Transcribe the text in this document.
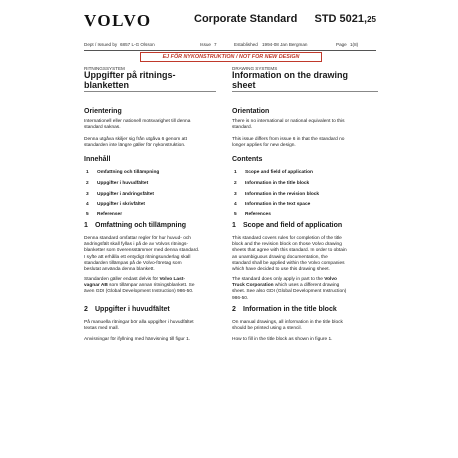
VOLVO	Corporate Standard STD 5021,25
Dept / Issued by 6857 L-G Olsson	Issue 7	Established 1994-08 Jan Bergman	Page 1(8)
EJ FÖR NYKONSTRUKTION / NOT FOR NEW DESIGN
RITNINGSSYSTEM
Uppgifter på ritnings-
blanketten
Orientering
Internationell eller nationell motsvarighet till denna
standard saknas.
Denna utgåva skiljer sig från utgåva 6 genom att
standarden inte längre gäller för nykonstruktion.
Innehåll
1 Omfattning och tillämpning
2 Uppgifter i huvudfältet
3 Uppgifter i ändringsfältet
4 Uppgifter i skrivfältet
5 Referenser
1 Omfattning och tillämpning
Denna standard omfattar regler för hur huvud- och
ändringsfält skall fyllas i på de av Volvos ritnings-
blanketter som överensstämmer med denna standard.
I syfte att erhålla ett entydigt ritningsunderlag skall
standarden tillämpas på de Volvo-företag som
beslutat använda denna blankett.
Standarden gäller endast delvis för Volvo Last-
vagnar AB som tillämpar annan ritningsblankett. Se
även GDI (Global Development Instruction) 986-50.
2 Uppgifter i huvudfältet
På manuella ritningar bör alla uppgifter i huvudfältet
textas med mall.
Anvisningar för ifyllning med hänvisning till figur 1.
DRAWING SYSTEMS
Information on the drawing
sheet
Orientation
There is no international or national equivalent to this
standard.
This issue differs from issue 6 in that the standard no
longer applies for new design.
Contents
1 Scope and field of application
2 Information in the title block
3 Information in the revision block
4 Information in the text space
5 References
1 Scope and field of application
This standard covers rules for completion of the title
block and the revision block on those Volvo drawing
sheets that agree with this standard. In order to obtain
an unambiguous drawing documentation, the
standard shall be applied within the Volvo companies
which have decided to use this drawing sheet.
The standard does only apply in part to the Volvo
Truck Corporation which uses a different drawing
sheet. See also GDI (Global Development Instruction)
986-50.
2 Information in the title block
On manual drawings, all information in the title block
should be printed using a stencil.
How to fill in the title block as shown in figure 1.
